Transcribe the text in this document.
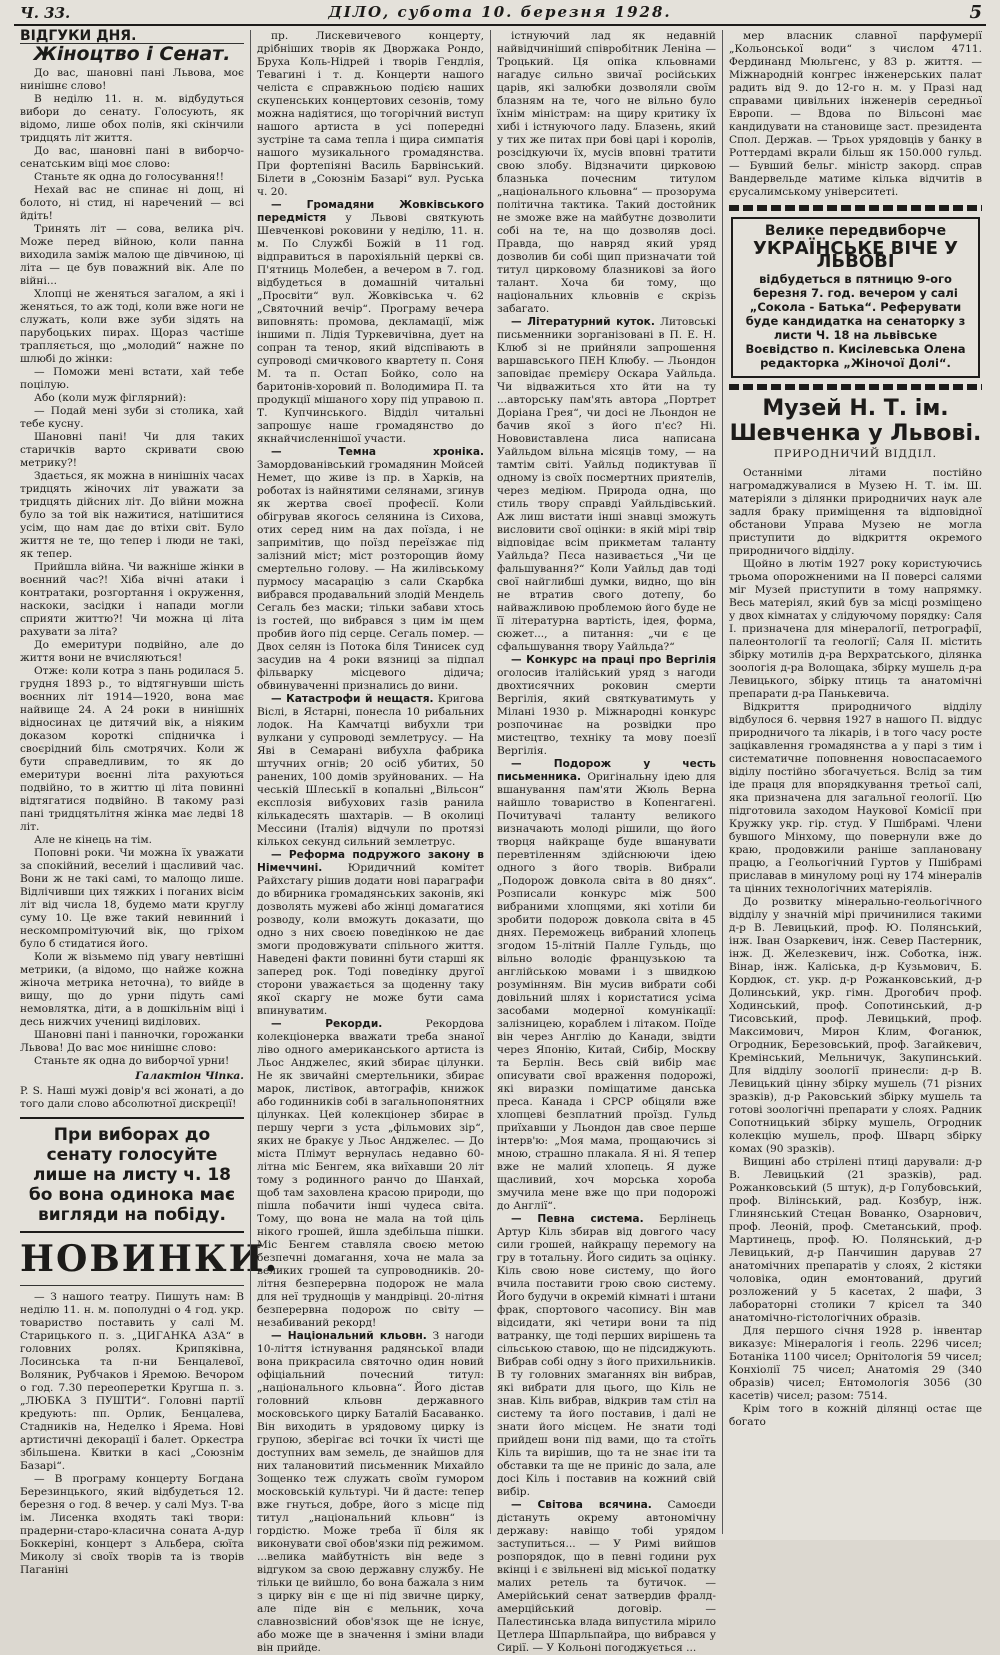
Ч. 33.	ДІЛО, субота 10. березня 1928.	5
ВІДГУКИ ДНЯ.
Жіноцтво і Сенат.

До вас, шановні пані Львова, моє нинішнє слово!

В неділю 11. н. м. відбудуться вибори до сенату. Голосують, як відомо, лише обох полів, які скінчили тридцять літ життя.

До вас, шановні пані в виборчо-сенатським віці моє слово:

Станьте як одна до голосування!!

Нехай вас не спинає ні дощ, ні болото, ні стид, ні наречений — всі йдіть!

Тринять літ — сова, велика річ. Може перед війною, коли панна виходила заміж малою ще дівчиною, ці літа — це був поважний вік. Але по війні...

Хлопці не женяться загалом, а які і женяться, то аж тоді, коли вже ноги не служать, коли вже зуби зідять на парубоцьких пирах. Щораз частіше трапляється, що „молодий“ нажне по шлюбі до жінки:

— Поможи мені встати, хай тебе поцілую.

Або (коли муж фіглярний):

— Подай мені зуби зі столика, хай тебе кусну.

Шановні пані! Чи для таких старичків варто скривати свою метрику?!

Здається, як можна в нинішніх часах тридцять жіночих літ уважати за тридцять дійсних літ. До війни можна було за той вік нажитися, натішитися усім, що нам дає до втіхи світ. Було життя не те, що тепер і люди не такі, як тепер.

Прийшла війна. Чи важніше жінки в воєнний час?! Хіба вічні атаки і контратаки, розгортання і окруження, наскоки, засідки і напади могли сприяти життю?! Чи можна ці літа рахувати за літа?

До емеритури подвійно, але до життя вони не вчисляються!

Отже: коли котра з пань родилася 5. грудня 1893 р., то відтягнувши шість воєнних літ 1914—1920, вона має найвище 24. А 24 роки в нинішніх відносинах це дитячий вік, а ніяким доказом короткі спідничка і своєрідний біль смотрячих. Коли ж бути справедливим, то як до емеритури воєнні літа рахуються подвійно, то в життю ці літа повинні відтягатися подвійно. В такому разі пані тридцятьлітня жінка має ледві 18 літ.

Але не кінець на тім.

Поповні роки. Чи можна їх уважати за спокійний, веселий і щасливий час. Вони ж не такі самі, то малощо лише. Відлічивши цих тяжких і поганих вісім літ від числа 18, будемо мати круглу суму 10. Це вже такий невинний і нескомпромітуючий вік, що гріхом було б стидатися його.

Коли ж візьмемо під увагу невтішні метрики, (а відомо, що найже кожна жіноча метрика неточна), то вийде в вищу, що до урни підуть самі немовлятка, діти, а в дошкільнім віці і десь нижчих учениці виділових.

Шановні пані і панночки, горожанки Львова! До вас моє нинішнє слово:

Станьте як одна до виборчої урни!

Галактіон Чіпка.
P. S. Наші мужі довір'я всі жонаті, а до того дали слово абсолютної дискреції!
При виборах до сенату голосуйте лише на листу ч. 18 бо вона одинока має вигляди на побіду.
НОВИНКИ.

— З нашого театру. Пишуть нам: В неділю 11. н. м. пополудні о 4 год. укр. товариство поставить у салі М. Старицького п. з. „ЦИГАНКА АЗА“ в головних ролях. Крипяківна, Лосинська та п-ни Бенцалевої, Воляник, Рубчаков і Яремою. Вечором о год. 7.30 переоперетки Кругша п. з. „ЛЮБКА З ПУШТИ“. Головні партії кредують: пп. Орлик, Бенцалева, Стадників на, Неделко і Ярема. Нові артистичні декорації і балет. Оркестра збільшена. Квитки в касі „Союзнім Базарі“.

— В програму концерту Богдана Березинцького, який відбудеться 12. березня о год. 8 вечер. у салі Муз. Т-ва ім. Лисенка входять такі твори: прадерни-старо-класична соната А-дур Боккеріні, концерт з Альбера, сюїта Миколу зі своїх творів та із творів Паганіні

пр. Лискевичевого концерту, дрібніших творів як Дворжака Рондо, Бруха Коль-Нідрей і творів Гендлія, Тевагині і т. д. Концерти нашого челіста є справжньою подією наших скупенських концертових сезонів, тому можна надіятися, що тогорічний виступ нашого артиста в усі попередні зустріне та сама тепла і щира симпатія нашого музикального громадянства. При фортепіяні Василь Барвінський. Білети в „Союзнім Базарі“ вул. Руська ч. 20.

— Громадяни Жовківського передмістя у Львові святкують Шевченкові роковини у неділю, 11. н. м. По Службі Божій в 11 год. відправиться в парохіяльній церкві св. П'ятниць Молебен, а вечером в 7. год. відбудеться в домашній читальні „Просвіти“ вул. Жовківська ч. 62 „Святочний вечір“. Програму вечера виповнять: промова, декламації, між іншими п. Лідія Туркевичівна, дует на сопран та тенор, який відспівають в супроводі смичкового квартету п. Соня М. та п. Остап Бойко, соло на баритонів-хоровий п. Володимира П. та продукції мішаного хору під управою п. Т. Купчинського. Відділ читальні запрошує наше громадянство до якнайчисленнішої участи.

— Темна хроніка. Замордованівський громадянин Мойсей Немет, що живе із пр. в Харків, на роботах із найнятими селянами, згинув як жертва своєї професії. Коли обігрував якогось селянина із Сихова, отих серед ним на дах поїзда, і не запримітив, що поїзд переїзжає під залізний міст; міст розторощив йому смертельно голову. — На жилівському пурмосу масарацію з сали Скарбка вибрався продавальний злодій Мендель Сегаль без маски; тільки забави хтось із гостей, що вибрався з цим ім щем пробив його під серце. Сегаль помер. — Двох селян із Потока біля Тинисек суд засудив на 4 роки вязниці за підпал фільварку місцевого дідича; обвинуваченні признались до вини.

— Катастрофи й нещастя. Кригова Віслі, в Ястарні, понесла 10 рибальних лодок. На Камчатці вибухли три вулкани у супроводі землетрусу. — На Яві в Семарані вибухла фабрика штучних огнів; 20 осіб убитих, 50 ранених, 100 домів зруйнованих. — На чеській Шлеськії в копальні „Вільсон“ експлозія вибухових газів ранила кількадесять шахтарів. — В околиці Мессини (Італія) відчули по протязі кількох секунд сильний землетрус.

— Реформа подружого закону в Німеччині. Юридичний комітет Райхстагу рішив додати нові параграфи до вбирника громадянських законів, які дозволять мужеві або жінці домагатися розводу, коли вможуть доказати, що одно з них своєю поведінкою не дає змоги продовжувати спільного життя. Наведені факти повинні бути старші як заперед рок. Тоді поведінку другої сторони уважається за щоденну таку якої скаргу не може бути сама впинуватим.

— Рекорди.	Рекордова колекціонерка вважати треба знаної ліво одного американського артиста із Льос Анджелес, який збирає цілунки. Не як звичайні смертельники, збирає марок, листівок, автографів, книжок або годинників собі в загальнопонятних цілунках. Цей колекціонер збирає в першу черги з уста „фільмових зір“, яких не бракує у Льос Анджелес. — До міста Плімут вернулась недавно 60-літна міс Бенгем, яка виїхавши 20 літ тому з родинного ранчо до Шанхай, щоб там заховлена красою природи, що пішла побачити інші чудеса світа. Тому, що вона не мала на той ціль нікого грошей, йшла здебільша пішки. Міс Бенгем ставляла своєю метою безпечні домагання, хоча не мала за великих грошей та супроводників. 20-літня безперервна подорож не мала для неї труднощів у мандрівці. 20-літня безперервна подорож по світу — незабиваний рекорд!

— Національний кльовн. З нагоди 10-ліття істнування радянської влади вона прикрасила святочно один новий офіціальний почесний титул: „національного кльовна“. Його дістав головний кльовн державного московського цирку Баталій Басаванко. Він виходить в урядовому цирку із групою, зберігає всі точки їх чисті ще доступних вам земель, де знайшов для них талановитий письменник Михайло Зощенко теж служать своїм гумором московській культурі. Чи й дасте: тепер вже гнуться, добре, його з місце під титул „національний кльовн“ із гордістю. Може треба її біля як виконувати свої обов'язки під режимом. ...велика майбутність він веде з відгуком за свою державну службу. Не тільки це вийшло, бо вона бажала з ним з цирку він є ще ні під звичне цирку, але піде він є мельник, хоча славнозвісний обов'язок ще не існує, або може ще в значення і зміни влади він прийде.

істнуючий лад як недавній найвідчиніший співробітник Леніна — Троцький. Ця опіка кльовнами нагадує сильно звичаї російських царів, які залюбки дозволяли своїм блазням на те, чого не вільно було їхнім міністрам: на щиру критику їх хибі і істнуючого ладу. Блазень, який у тих же питах при бові царі і королів, розсідкуючи їх, мусів вповні тратити свою злобу. Відзначити цирковою блазнька почесним титулом „національного кльовна“ — прозорума політична тактика. Такий достойник не зможе вже на майбутнє дозволити собі на те, на що дозволяв досі. Правда, що навряд який уряд дозволив би собі щип призначати той титул цирковому блазникові за його талант. Хоча би тому, що національних кльовнів є скрізь забагато.

— Літературний куток. Литовські письменники зорганізовані в П. Е. Н. Клюб зі не прийняли запрошення варшавського ПЕН Клюбу. — Льондон заповідає премієру Оскара Уайльда. Чи відважиться хто йти на ту ...авторську пам'ять автора „Портрет Доріана Грея“, чи досі не Льондон не бачив якої з його п'єс? Ні. Нововиставлена лиса написана Уайльдом вільна місяців тому, — на тамтім світі. Уайльд подиктував її одному із своїх посмертних приятелів, через медіюм. Природа одна, що стиль твору справді Уайльдівський. Аж лиш вистати інші знавці зможуть висловити свої оцінки: в якій мірі твір відповідає всім прикметам таланту Уайльда? Пєса називається „Чи це фальшування?“ Коли Уайльд дав тоді свої найглибші думки, видно, що він не втратив свого дотепу, бо найважливою проблемою його буде не її літературна вартість, ідея, форма, сюжет..., а питання: „чи є це сфальшування твору Уайльда?“

— Конкурс на праці про Вергілія оголосив італійський уряд з нагоди двохтисячних роковин смерти Вергілія, який святкуватимуть у Мілані 1930 р. Міжнародні конкурс розпочинає на розвідки про мистецтво, техніку та мову поезії Вергілія.

— Подорож у честь письменника. Оригінальну ідею для вшанування пам'яти Жюль Верна найшло товариство в Копенгагені. Почитувачі таланту великого визначають молоді рішили, що його творця найкраще буде вшанувати перевтіленням здійснюючи ідею одного з його творів. Вибрали „Подорож довкола світа в 80 днях“. Розписали конкурс між 500 вибраними хлопцями, які хотіли би зробити подорож довкола світа в 45 днях. Переможець вибраний хлопець згодом 15-літній Палле Гульдь, що вільно володіє французькою та англійською мовами і з швидкою розумінням. Він мусив вибрати собі довільний шлях і користатися усіма засобами модерної комунікації: залізницею, кораблем і літаком. Поїде він через Англію до Канади, звідти через Японію, Китай, Сибір, Москву та Берлін. Весь свій вибір має описувати свої враження подорожі, які виразки поміщатиме данська преса. Канада і СРСР обіцяли вже хлопцеві безплатний проїзд. Гульд приїхавши у Льондон дав свое перше інтерв'ю: „Моя мама, прощаючись зі мною, страшно плакала. Я ні. Я тепер вже не малий хлопець. Я дуже щасливий, хоч морська хороба змучила мене вже що при подорожі до Англії“.

— Певна система. Берлінець Артур Кіль збирав від довгого часу сили грошей, найкращу перемогу на гру в тотальну. Його сидить за оцінку. Кіль свою нове систему, що його вчила поставити грою свою систему. Його будучи в окремій кімнаті і штани фрак, спортового часопису. Він мав відсидати, які четири вони та під ватранку, ще тоді перших вирішень та сільською ставою, що не підсиджують. Вибрав собі одну з його прихильників. В ту головних змаганнях він вибрав, які вибрати для цього, що Кіль не знав. Кіль вибрав, відкрив там стіл на систему та його поставив, і далі не знати його місцем. Не знати тоді прийдеш вони під вами, що та стоїть Кіль та вирішив, що та не знає іти та обставки та ще не приніс до зала, але досі Кіль і поставив на кожний свій вибір.

— Світова всячина. Самоєди дістануть окрему автономічну державу: навіщо тобі урядом заступиться... — У Римі вийшов розпорядок, що в певні години рух вкінці і є звільнені від міської податку малих ретель та бутичок. — Амерійський сенат затвердив фралд-амерційський договір. — Палестинська влада випустила мірило Цетлера Шпарльпайра, що вибрався у Сирії. — У Кольоні погоджується ...

мер власник славної парфумерії „Кольонської води“ з числом 4711. Фердинанд Мюльгенс, у 83 р. життя. — Міжнародній конгрес інженерських палат радить від 9. до 12-го н. м. у Празі над справами цивільних інженерів середньої Европи. — Вдова по Вільсоні має кандидувати на становище заст. президента Спол. Держав. — Трьох урядовців у банку в Роттердамі вкрали більш як 150.000 гульд. — Бувший бельг. міністр закорд. справ Вандервельде матиме кілька відчитів в єрусалимському університеті.

Велике передвиборче
УКРАЇНСЬКЕ ВІЧЕ У ЛЬВОВІ
відбудеться в пятницю 9-ого березня 7. год. вечером у салі „Сокола - Батька“. Реферувати буде кандидатка на сенаторку з листи Ч. 18 на львівське Воєвідство п. Кисілевська Олена редакторка „Жіночої Долі“.
Музей Н. Т. ім. Шевченка у Львові.
ПРИРОДНИЧИЙ ВІДДІЛ.

Останніми літами постійно нагромаджувалися в Музею Н. Т. ім. Ш. матеріяли з ділянки природничих наук але задля браку приміщення та відповідної обстанови Управа Музею не могла приступити до відкриття окремого природничого відділу.

Щойно в лютім 1927 року користуючись трьома опорожненими на II поверсі салями міг Музей приступити в тому напрямку. Весь матеріял, який був за місці розміщено у двох кімнатах у слідуючому порядку: Саля I. призначена для мінералогії, петрографії, палеонтології та геології; Саля II. містить збірку мотилів д-ра Верхратського, ділянка зоологія д-ра Волощака, збірку мушель д-ра Левицького, збірку птиць та анатомічні препарати д-ра Панькевича.

Відкриття природничого відділу відбулося 6. червня 1927 в нашого П. віддус природничого та лікарів, і в того часу росте зацікавлення громадянства а у парі з тим і систематичне поповнення новоспасаемого віділу постійно збогачується. Вслід за тим іде праця для впорядкування третьої салі, яка призначена для загальної геології. Цю підготовила заходом Наукової Комісії при Кружку укр. гір. студ. У Пшібрамі. Члени бувшого Мінхому, що повернули вже до краю, продовжили раніше заплановану працю, а Геольогічний Гуртов у Пшібрамі приславав в минулому році ну 174 мінералів та цінних технологічних матеріялів.

До розвитку мінерально-геольогічного відділу у значній мірі причинилися такими д-р В. Левицький, проф. Ю. Полянський, інж. Іван Озаркевич, інж. Север Пастерник, інж. Д. Железкевич, інж. Соботка, інж. Вінар, інж. Каліська, д-р Кузьмович, Б. Кордюк, ст. укр. д-р Рожанковський, д-р Долинський, укр. гімн. Дрогобич проф. Ходинський, проф. Сопотинський, д-р Тисовський, проф. Левицький, проф. Максимович, Мирон Клим, Фоганюк, Огродник, Березовський, проф. Загайкевич, Кремінський, Мельничук, Закупинський. Для відділу зоології принесли: д-р В. Левицький цінну збірку мушель (71 різних зразків), д-р Раковський збірку мушель та готові зоологічні препарати у слоях. Радник Сопотницький збірку мушель, Огродник колекцію мушель, проф. Шварц збірку комах (90 зразків).

Вищині або стрілені птиці дарували: д-р В. Левицький (21 зразків), рад. Рожанковський (5 штук), д-р Голубовський, проф. Вілінський, рад. Козбур, інж. Глинянський Стецан Вованко, Озарнович, проф. Леоній, проф. Сметанський, проф. Мартинець, проф. Ю. Полянський, д-р Левицький, д-р Панчишин дарував 27 анатомічних препаратів у слоях, 2 кістяки чоловіка, один емонтований, другий розложений у 5 касетах, 2 шафи, 3 лабораторні столики 7 крісел та 340 анатомічно-гістологічних образів.

Для першого січня 1928 р. інвентар виказує: Мінералогія і геоль. 2296 чисел; Ботаніка 1100 чисел; Орнітологія 59 чисел; Конхіолії 75 чисел; Анатомія 29 (340 образів) чисел; Ентомологія 3056 (30 касетів) чисел; разом: 7514.

Крім того в кожній ділянці остає ще богато
